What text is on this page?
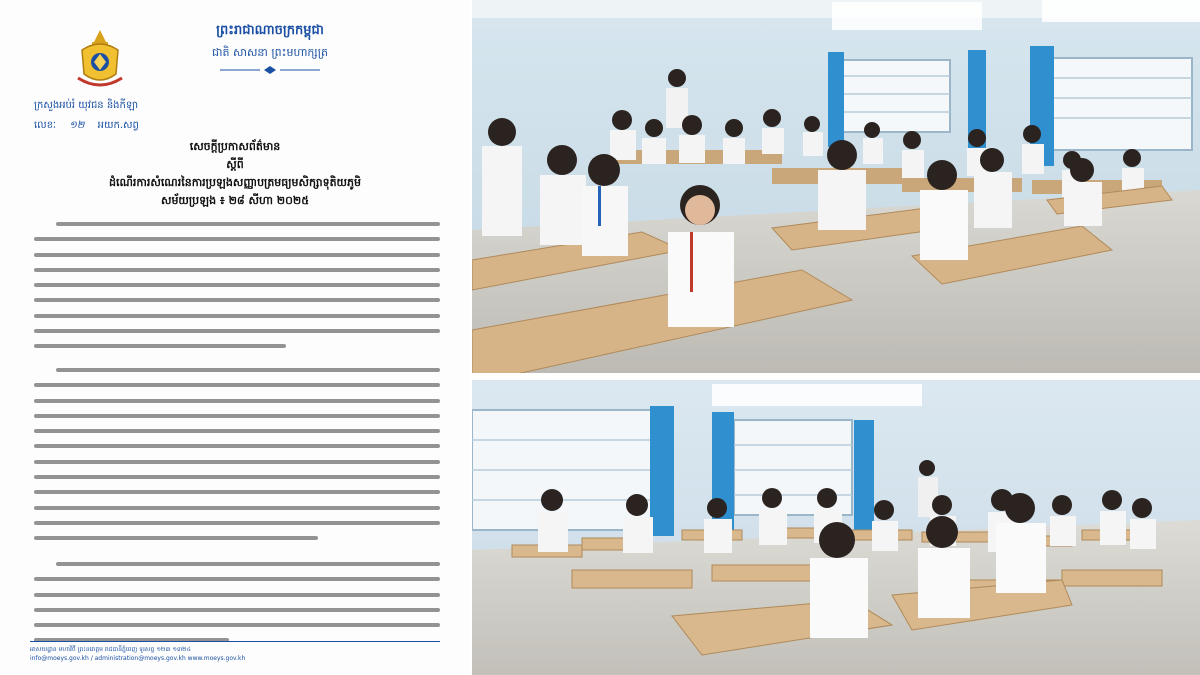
ព្រះរាជាណាចក្រកម្ពុជា
ជាតិ សាសនា ព្រះមហាក្សត្រ
ក្រសួងអប់រំ យុវជន និងកីឡា
លេខៈ ១២ អយក.សព្វ
សេចក្ដីប្រកាសព័ត៌មាន
ស្ដីពី
ដំណើរការសំណេរនៃការប្រឡងសញ្ញាបត្រមធ្យមសិក្សាទុតិយភូមិ
សម័យប្រឡង ៖ ២៨ សីហា ២០២៥
អាសយដ្ឋាន មហាវិថី ព្រះនរោត្តម រាជធានីភ្នំពេញ ទូរសព្ទ ១២៣ ១៣២៤
info@moeys.gov.kh / administration@moeys.gov.kh www.moeys.gov.kh
